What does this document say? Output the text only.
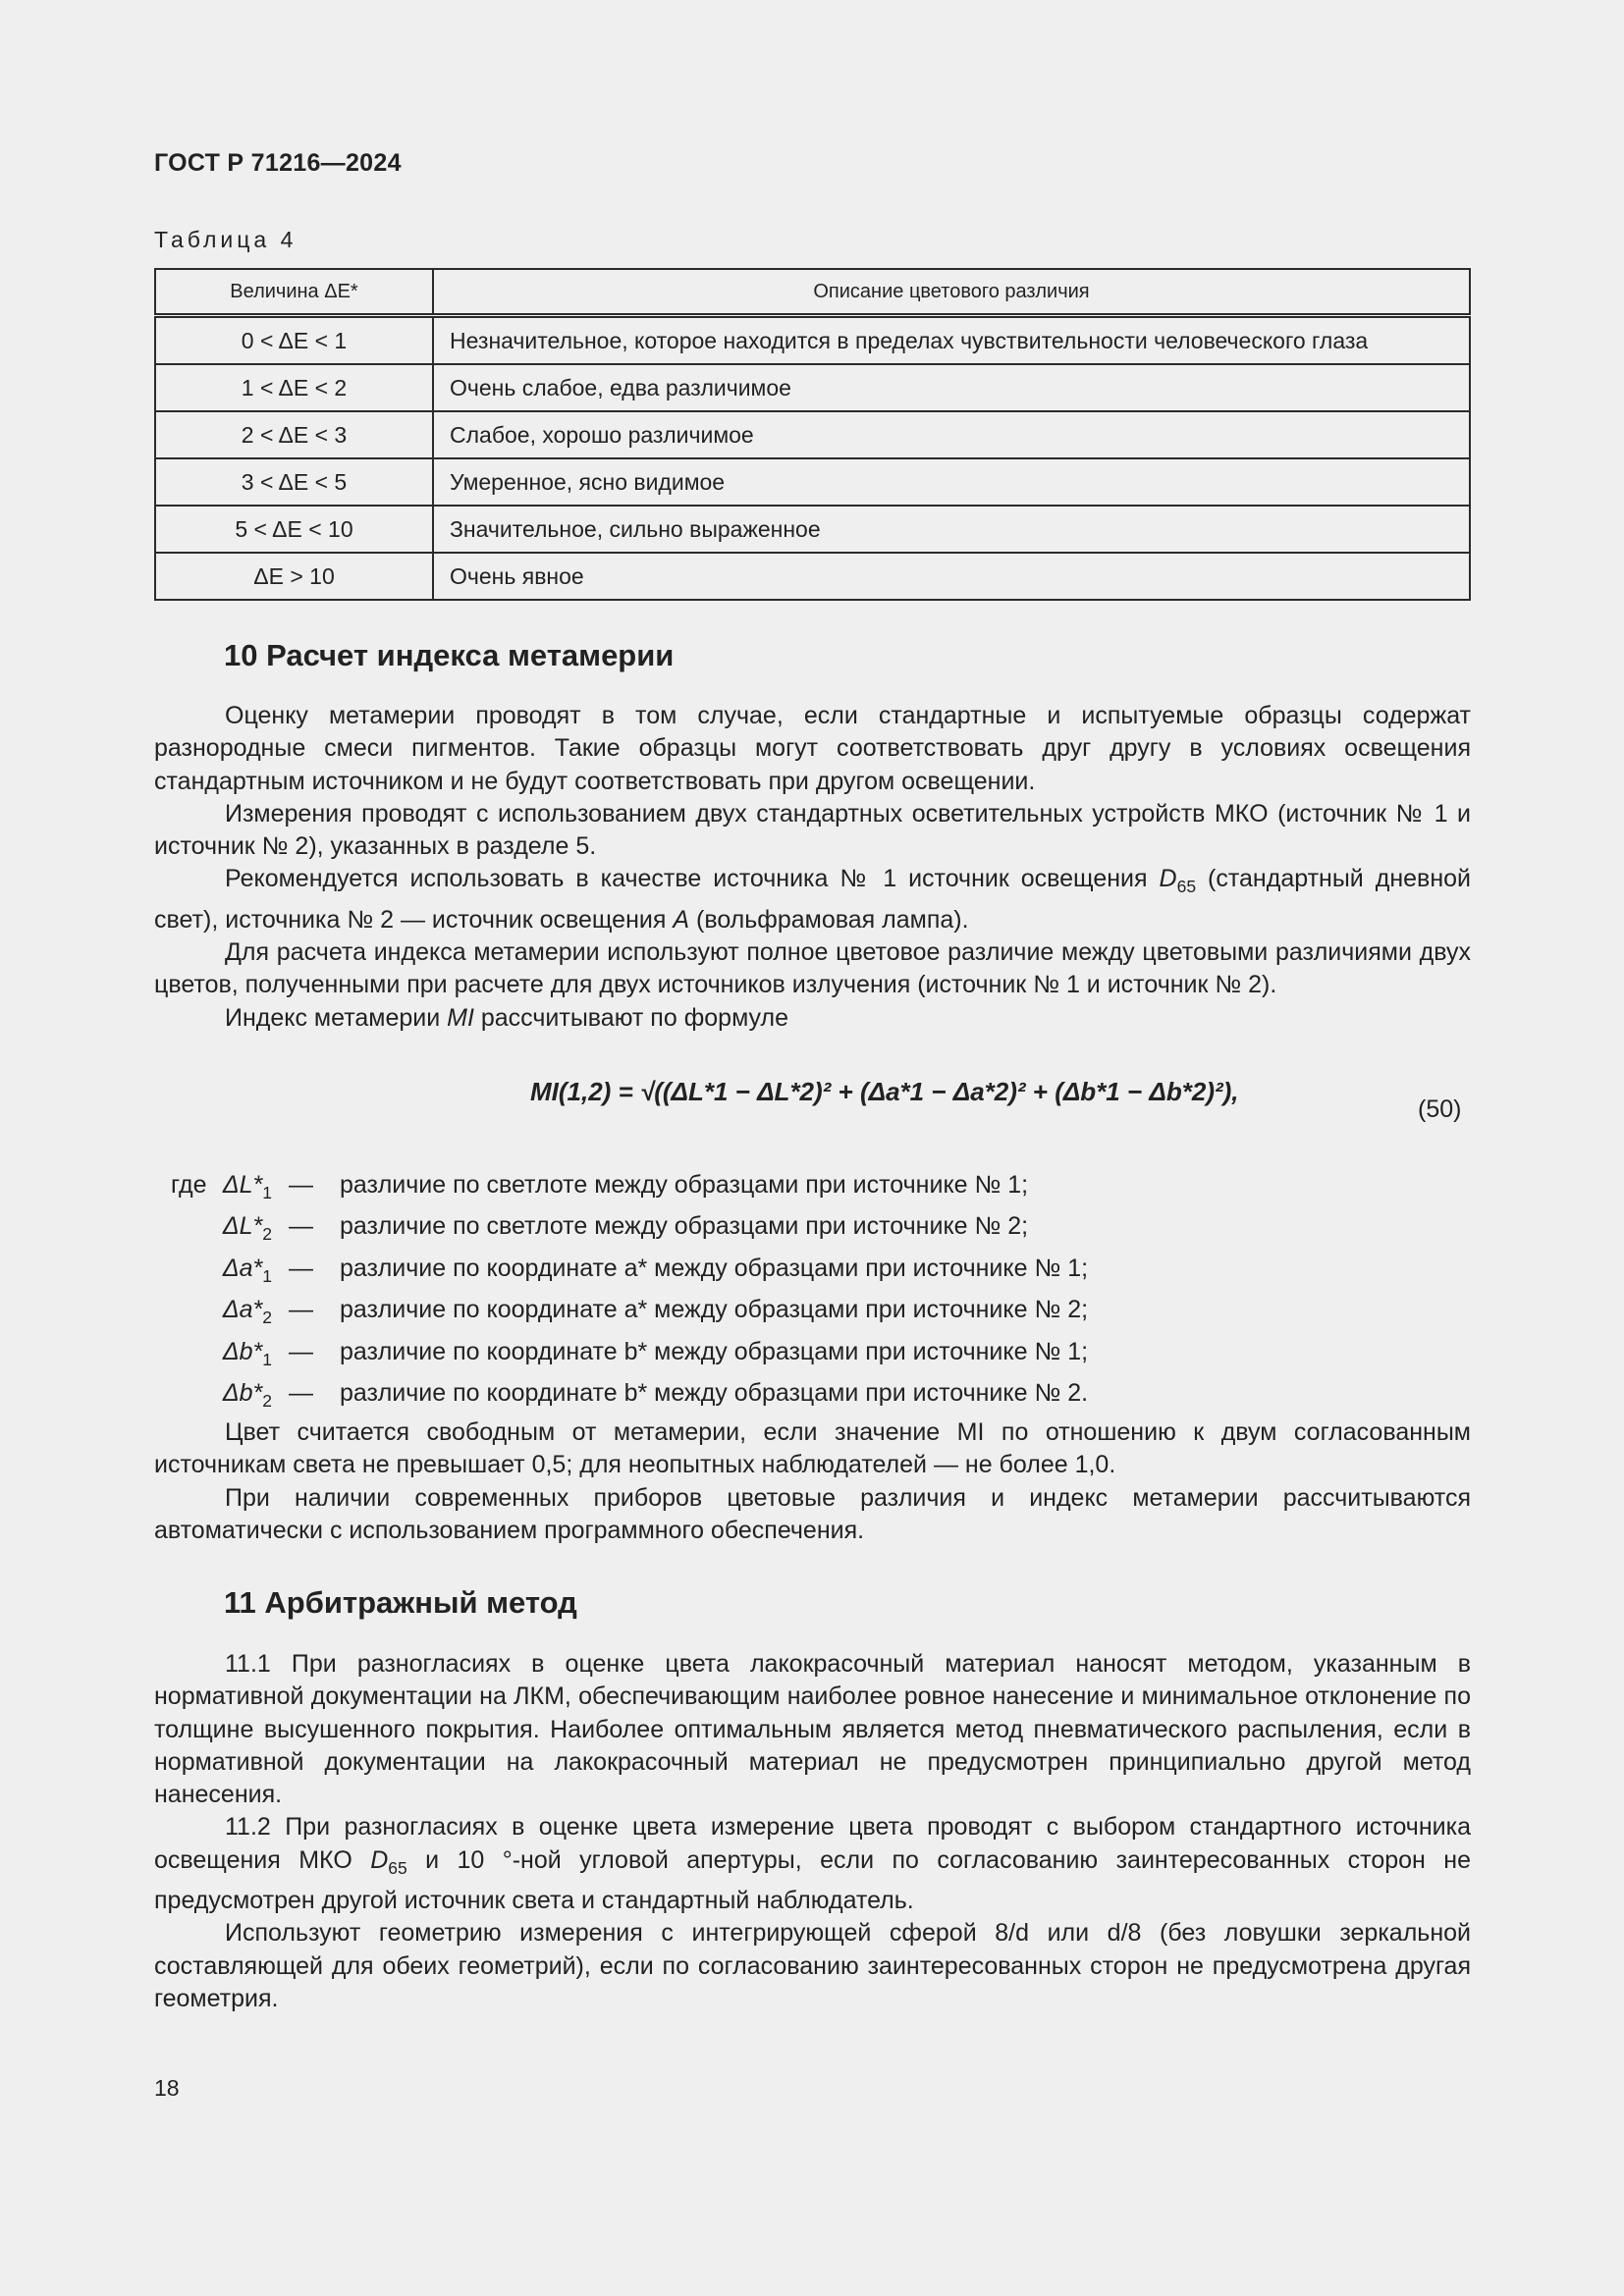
ГОСТ Р 71216—2024
Таблица 4
Величина ΔE*	Описание цветового различия
0 < ΔE < 1	Незначительное, которое находится в пределах чувствительности человеческого глаза
1 < ΔE < 2	Очень слабое, едва различимое
2 < ΔE < 3	Слабое, хорошо различимое
3 < ΔE < 5	Умеренное, ясно видимое
5 < ΔE < 10	Значительное, сильно выраженное
ΔE > 10	Очень явное
10 Расчет индекса метамерии

Оценку метамерии проводят в том случае, если стандартные и испытуемые образцы содержат разнородные смеси пигментов. Такие образцы могут соответствовать друг другу в условиях освещения стандартным источником и не будут соответствовать при другом освещении.

Измерения проводят с использованием двух стандартных осветительных устройств МКО (источник № 1 и источник № 2), указанных в разделе 5.

Рекомендуется использовать в качестве источника № 1 источник освещения $D_{65}$ (стандартный дневной свет), источника № 2 — источник освещения A (вольфрамовая лампа).

Для расчета индекса метамерии используют полное цветовое различие между цветовыми различиями двух цветов, полученными при расчете для двух источников излучения (источник № 1 и источник № 2).

Индекс метамерии MI рассчитывают по формуле

MI(1,2) = √((ΔL*1 − ΔL*2)² + (Δa*1 − Δa*2)² + (Δb*1 − Δb*2)²),
(50)
где $\Delta L*_1$ — различие по светлоте между образцами при источнике № 1;
$\Delta L*_2$ — различие по светлоте между образцами при источнике № 2;
$\Delta a*_1$ — различие по координате a* между образцами при источнике № 1;
$\Delta a*_2$ — различие по координате a* между образцами при источнике № 2;
$\Delta b*_1$ — различие по координате b* между образцами при источнике № 1;
$\Delta b*_2$ — различие по координате b* между образцами при источнике № 2.

Цвет считается свободным от метамерии, если значение MI по отношению к двум согласованным источникам света не превышает 0,5; для неопытных наблюдателей — не более 1,0.

При наличии современных приборов цветовые различия и индекс метамерии рассчитываются автоматически с использованием программного обеспечения.

11 Арбитражный метод

11.1 При разногласиях в оценке цвета лакокрасочный материал наносят методом, указанным в нормативной документации на ЛКМ, обеспечивающим наиболее ровное нанесение и минимальное отклонение по толщине высушенного покрытия. Наиболее оптимальным является метод пневматического распыления, если в нормативной документации на лакокрасочный материал не предусмотрен принципиально другой метод нанесения.

11.2 При разногласиях в оценке цвета измерение цвета проводят с выбором стандартного источника освещения МКО $D_{65}$ и 10 °-ной угловой апертуры, если по согласованию заинтересованных сторон не предусмотрен другой источник света и стандартный наблюдатель.

Используют геометрию измерения с интегрирующей сферой 8/d или d/8 (без ловушки зеркальной составляющей для обеих геометрий), если по согласованию заинтересованных сторон не предусмотрена другая геометрия.

18
